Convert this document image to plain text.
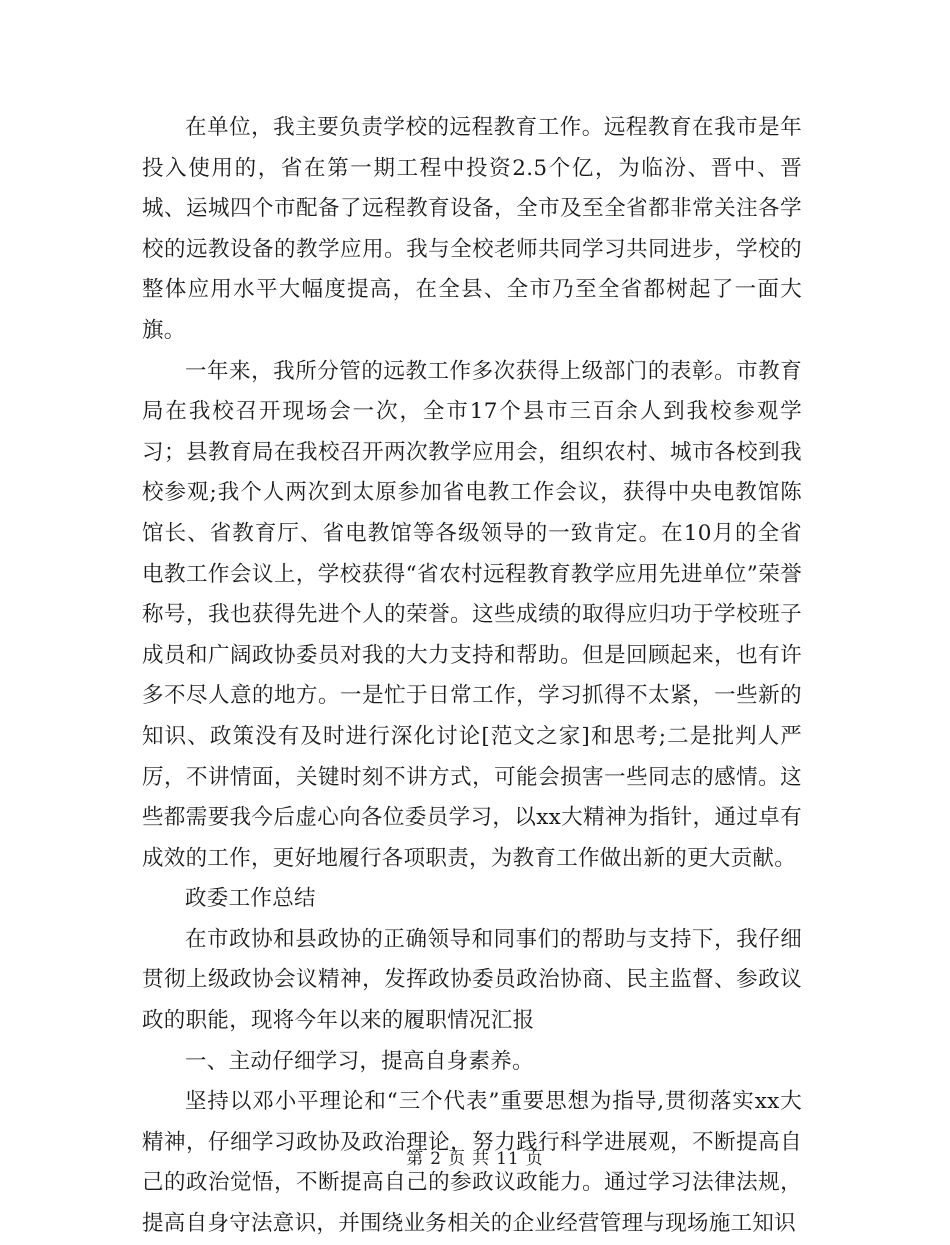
在单位，我主要负责学校的远程教育工作。远程教育在我市是年投入使用的，省在第一期工程中投资2.5个亿，为临汾、晋中、晋城、运城四个市配备了远程教育设备，全市及至全省都非常关注各学校的远教设备的教学应用。我与全校老师共同学习共同进步，学校的整体应用水平大幅度提高，在全县、全市乃至全省都树起了一面大旗。

一年来，我所分管的远教工作多次获得上级部门的表彰。市教育局在我校召开现场会一次，全市17个县市三百余人到我校参观学习；县教育局在我校召开两次教学应用会，组织农村、城市各校到我校参观;我个人两次到太原参加省电教工作会议，获得中央电教馆陈馆长、省教育厅、省电教馆等各级领导的一致肯定。在10月的全省电教工作会议上，学校获得“省农村远程教育教学应用先进单位”荣誉称号，我也获得先进个人的荣誉。这些成绩的取得应归功于学校班子成员和广阔政协委员对我的大力支持和帮助。但是回顾起来，也有许多不尽人意的地方。一是忙于日常工作，学习抓得不太紧，一些新的知识、政策没有及时进行深化讨论[范文之家]和思考;二是批判人严厉，不讲情面，关键时刻不讲方式，可能会损害一些同志的感情。这些都需要我今后虚心向各位委员学习，以xx大精神为指针，通过卓有成效的工作，更好地履行各项职责，为教育工作做出新的更大贡献。

政委工作总结

在市政协和县政协的正确领导和同事们的帮助与支持下，我仔细贯彻上级政协会议精神，发挥政协委员政治协商、民主监督、参政议政的职能，现将今年以来的履职情况汇报

一、主动仔细学习，提高自身素养。

坚持以邓小平理论和“三个代表”重要思想为指导,贯彻落实xx大精神，仔细学习政协及政治理论，努力践行科学进展观，不断提高自己的政治觉悟，不断提高自己的参政议政能力。通过学习法律法规，提高自身守法意识，并围绕业务相关的企业经营管理与现场施工知识

第 2 页 共 11 页
